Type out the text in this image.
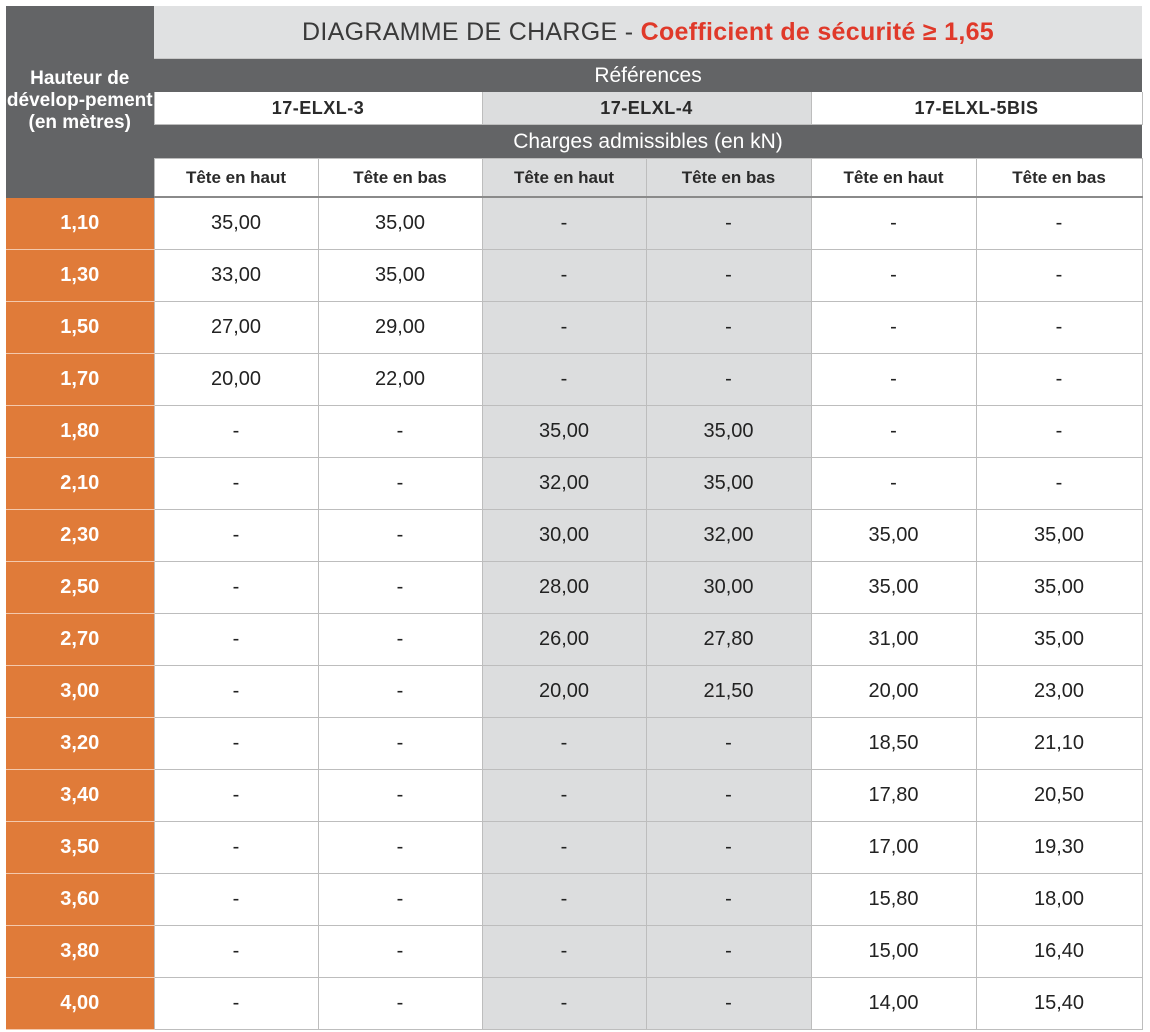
Hauteur de dévelop-pement (en mètres)	DIAGRAMME DE CHARGE - Coefficient de sécurité ≥ 1,65					
	Références					
	17-ELXL-3		17-ELXL-4		17-ELXL-5BIS	
	Charges admissibles (en kN)					
	Tête en haut	Tête en bas	Tête en haut	Tête en bas	Tête en haut	Tête en bas
1,10	35,00	35,00	-	-	-	-
1,30	33,00	35,00	-	-	-	-
1,50	27,00	29,00	-	-	-	-
1,70	20,00	22,00	-	-	-	-
1,80	-	-	35,00	35,00	-	-
2,10	-	-	32,00	35,00	-	-
2,30	-	-	30,00	32,00	35,00	35,00
2,50	-	-	28,00	30,00	35,00	35,00
2,70	-	-	26,00	27,80	31,00	35,00
3,00	-	-	20,00	21,50	20,00	23,00
3,20	-	-	-	-	18,50	21,10
3,40	-	-	-	-	17,80	20,50
3,50	-	-	-	-	17,00	19,30
3,60	-	-	-	-	15,80	18,00
3,80	-	-	-	-	15,00	16,40
4,00	-	-	-	-	14,00	15,40
